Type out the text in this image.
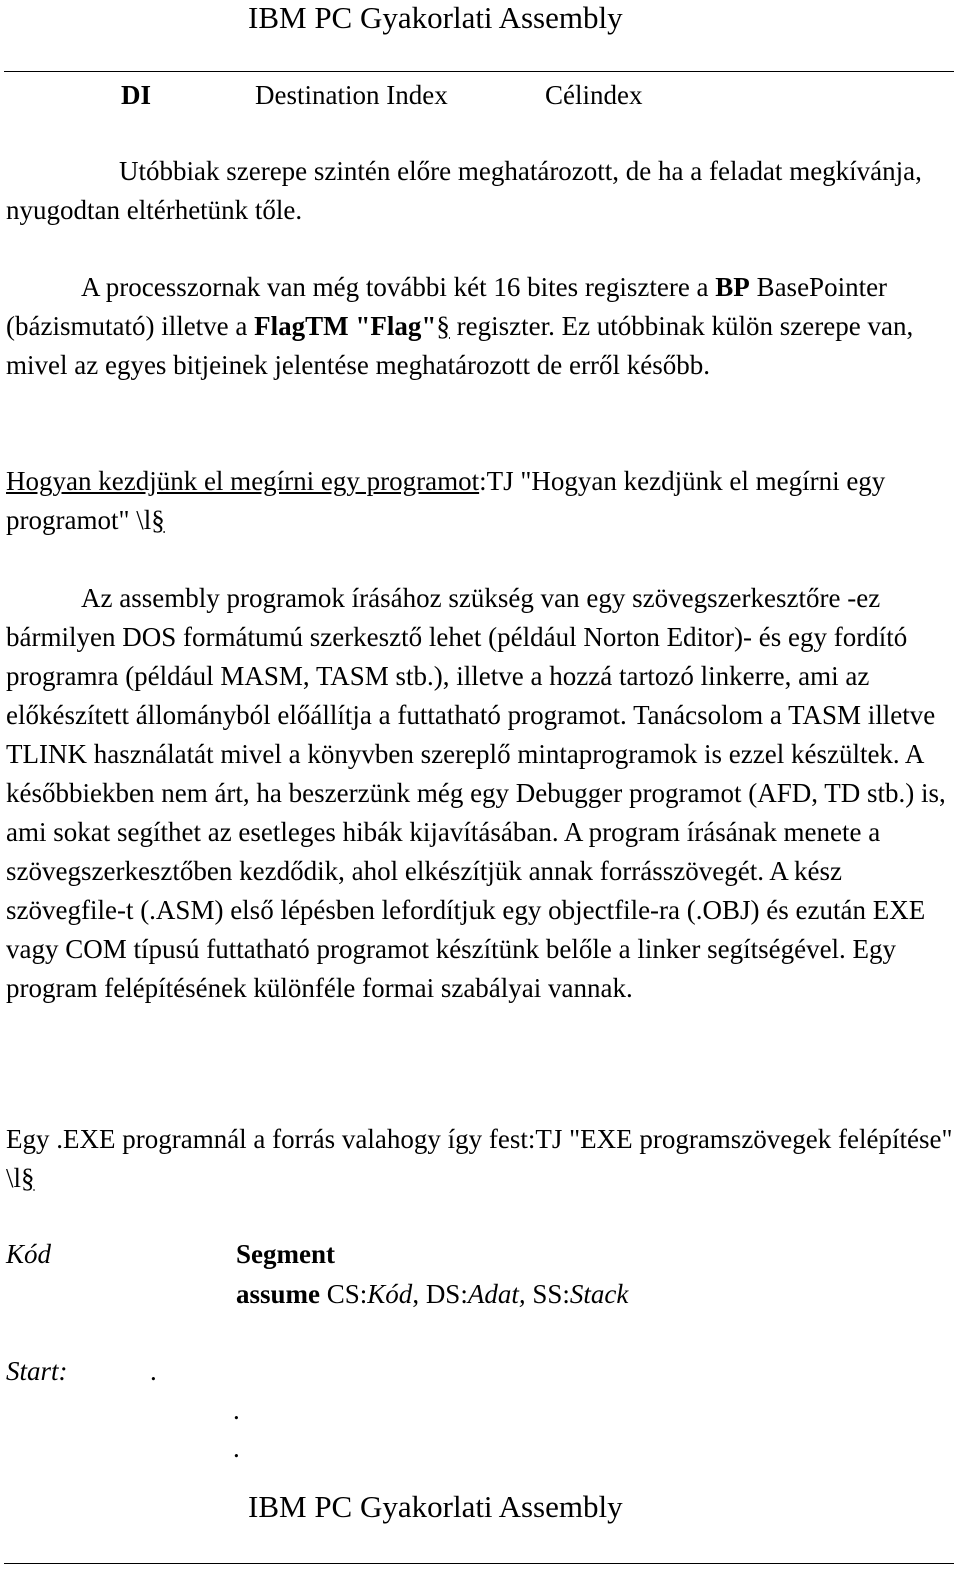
IBM PC Gyakorlati Assembly
DI	Destination Index	Célindex
Utóbbiak szerepe szintén előre meghatározott, de ha a feladat megkívánja, nyugodtan eltérhetünk tőle.
A processzornak van még további két 16 bites regisztere a BP BasePointer (bázismutató) illetve a FlagTM "Flag"§ regiszter. Ez utóbbinak külön szerepe van, mivel az egyes bitjeinek jelentése meghatározott de erről később.
Hogyan kezdjünk el megírni egy programot:TJ "Hogyan kezdjünk el megírni egy programot" \l§
Az assembly programok írásához szükség van egy szövegszerkesztőre -ez bármilyen DOS formátumú szerkesztő lehet (például Norton Editor)- és egy fordító programra (például MASM, TASM stb.), illetve a hozzá tartozó linkerre, ami az előkészített állományból előállítja a futtatható programot. Tanácsolom a TASM illetve TLINK használatát mivel a könyvben szereplő mintaprogramok is ezzel készültek. A későbbiekben nem árt, ha beszerzünk még egy Debugger programot (AFD, TD stb.) is, ami sokat segíthet az esetleges hibák kijavításában. A program írásának menete a szövegszerkesztőben kezdődik, ahol elkészítjük annak forrásszövegét. A kész szövegfile-t (.ASM) első lépésben lefordítjuk egy objectfile-ra (.OBJ) és ezután EXE vagy COM típusú futtatható programot készítünk belőle a linker segítségével. Egy program felépítésének különféle formai szabályai vannak.
Egy .EXE programnál a forrás valahogy így fest:TJ "EXE programszövegek felépítése" \l§
Kód	Segment
assume CS:Kód, DS:Adat, SS:Stack
Start:	.
.
.
IBM PC Gyakorlati Assembly
